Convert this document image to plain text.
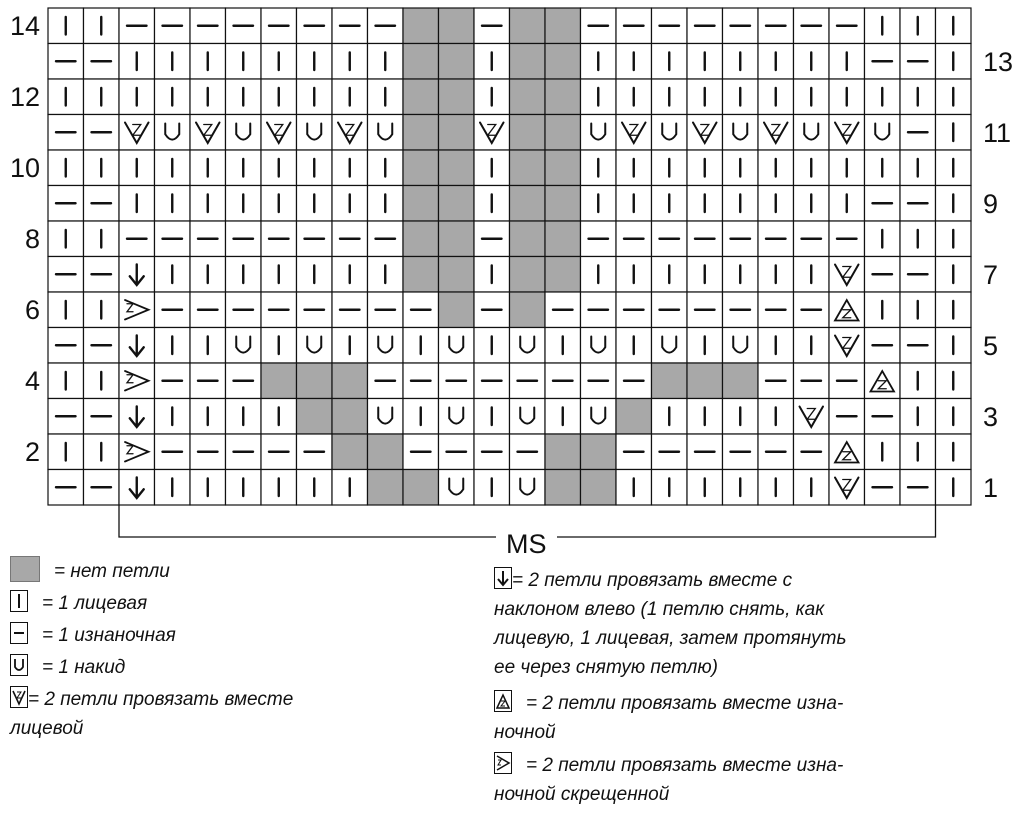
MS
= нет петли
= 1 лицевая
= 1 изнаночная
= 1 накид
= 2 петли провязать вместе
лицевой
= 2 петли провязать вместе с
наклоном влево (1 петлю снять, как
лицевую, 1 лицевая, затем протянуть
ее через снятую петлю)
= 2 петли провязать вместе изна-
ночной
= 2 петли провязать вместе изна-
ночной скрещенной
14
12
10
8
6
4
2
13
11
9
7
5
3
1
